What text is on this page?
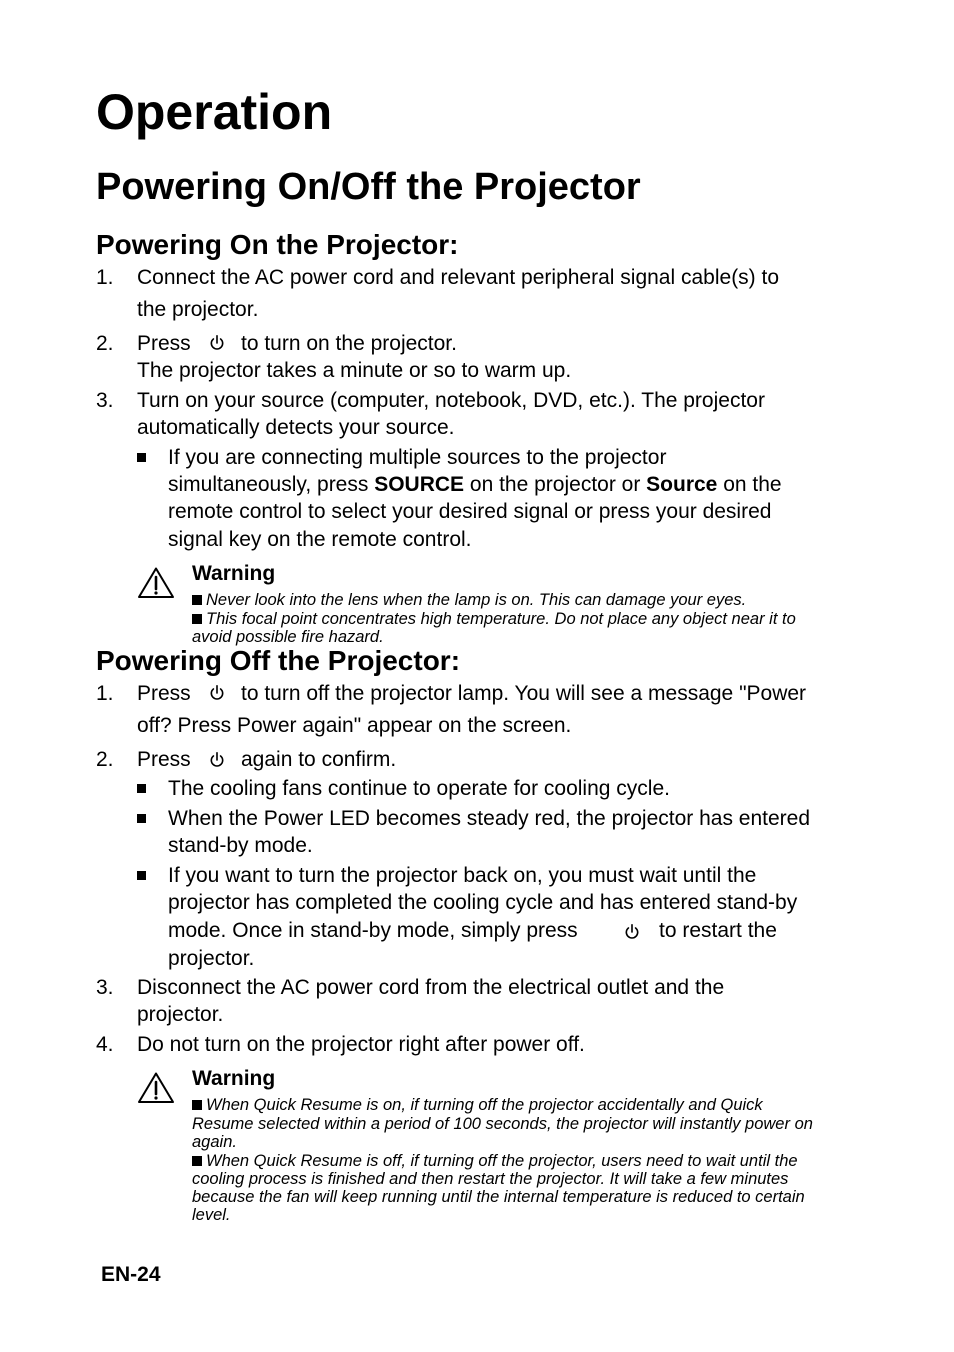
Operation
Powering On/Off the Projector
Powering On the Projector:
1. Connect the AC power cord and relevant peripheral signal cable(s) to
the projector.
2. Press to turn on the projector.
The projector takes a minute or so to warm up.
3. Turn on your source (computer, notebook, DVD, etc.). The projector
automatically detects your source.
If you are connecting multiple sources to the projector
simultaneously, press SOURCE on the projector or Source on the
remote control to select your desired signal or press your desired
signal key on the remote control.
Warning
Never look into the lens when the lamp is on. This can damage your eyes.
This focal point concentrates high temperature. Do not place any object near it to
avoid possible fire hazard.
Powering Off the Projector:
1. Press to turn off the projector lamp. You will see a message "Power
off? Press Power again" appear on the screen.
2. Press again to confirm.
The cooling fans continue to operate for cooling cycle.
When the Power LED becomes steady red, the projector has entered
stand-by mode.
If you want to turn the projector back on, you must wait until the
projector has completed the cooling cycle and has entered stand-by
mode. Once in stand-by mode, simply press	to restart the
projector.
3. Disconnect the AC power cord from the electrical outlet and the
projector.
4. Do not turn on the projector right after power off.
Warning
When Quick Resume is on, if turning off the projector accidentally and Quick
Resume selected within a period of 100 seconds, the projector will instantly power on
again.
When Quick Resume is off, if turning off the projector, users need to wait until the
cooling process is finished and then restart the projector. It will take a few minutes
because the fan will keep running until the internal temperature is reduced to certain
level.
EN-24
